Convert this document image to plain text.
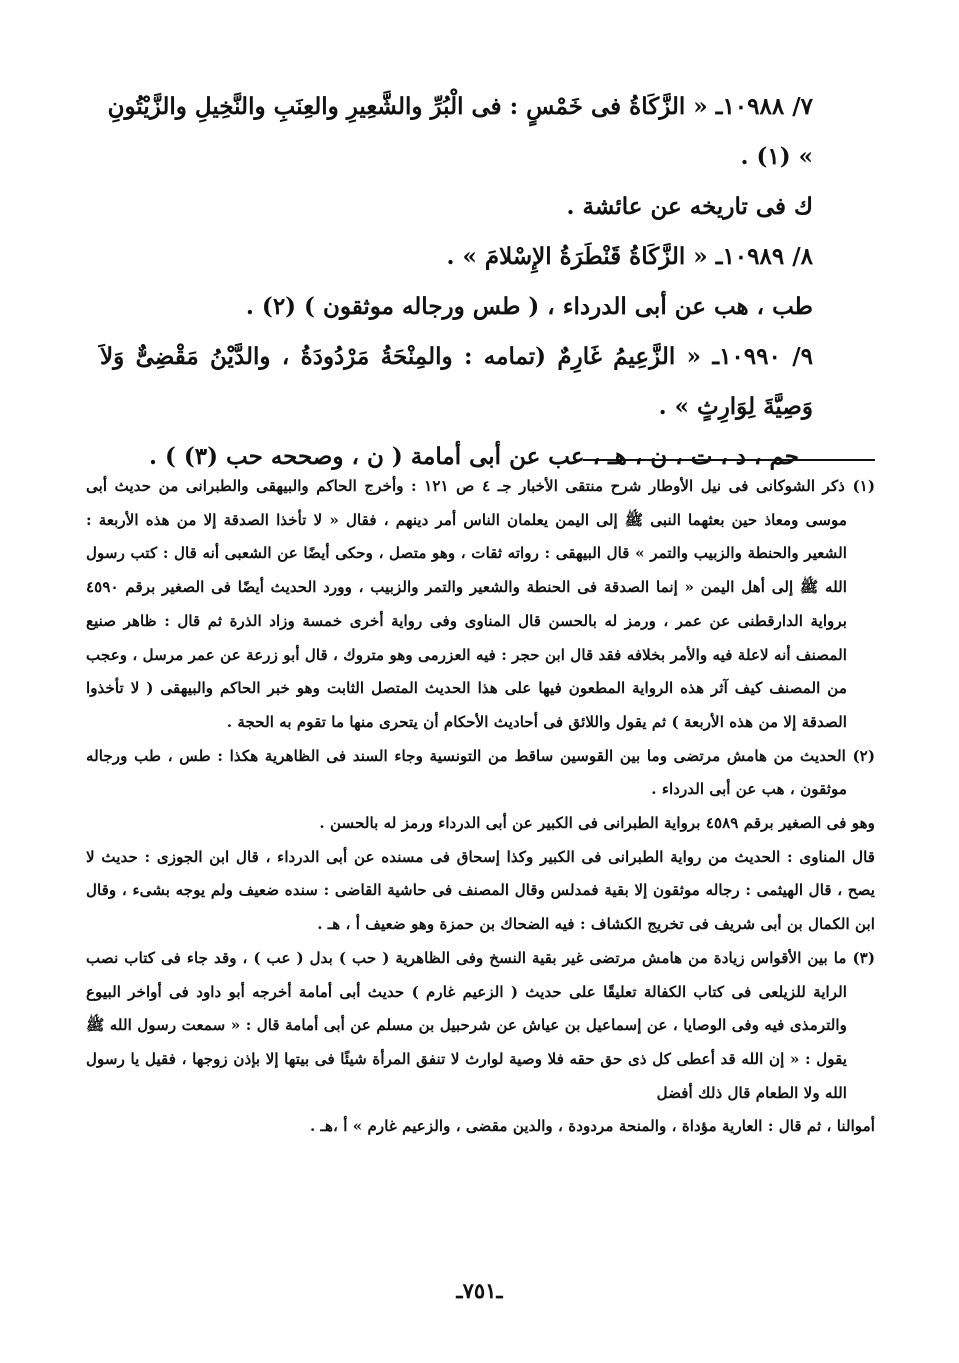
٧/ ١٠٩٨٨ـ « الزَّكَاةُ فى خَمْسٍ : فى الْبُرِّ والشَّعِيرِ والعِنَبِ والنَّخِيلِ والزَّيْتُونِ » (١) .

ك فى تاريخه عن عائشة .

٨/ ١٠٩٨٩ـ « الزَّكَاةُ قَنْطَرَةُ الإِسْلامَ » .

طب ، هب عن أبى الدرداء ، ( طس ورجاله موثقون ) (٢) .

٩/ ١٠٩٩٠ـ « الزَّعِيمُ غَارِمٌ (تمامه : والمِنْحَةُ مَرْدُودَةُ ، والدَّيْنُ مَقْضِىٌّ وَلاَ وَصِيَّةَ لِوَارِثٍ » .

حم ، د ، ت ، ن ، هـ ، عب عن أبى أمامة ( ن ، وصححه حب (٣) ) .

(١) ذكر الشوكانى فى نيل الأوطار شرح منتقى الأخبار جـ ٤ ص ١٢١ : وأخرج الحاكم والبيهقى والطبرانى من حديث أبى موسى ومعاذ حين بعثهما النبى ﷺ إلى اليمن يعلمان الناس أمر دينهم ، فقال « لا تأخذا الصدقة إلا من هذه الأربعة : الشعير والحنطة والزبيب والتمر » قال البيهقى : رواته ثقات ، وهو متصل ، وحكى أيضًا عن الشعبى أنه قال : كتب رسول الله ﷺ إلى أهل اليمن « إنما الصدقة فى الحنطة والشعير والتمر والزبيب ، وورد الحديث أيضًا فى الصغير برقم ٤٥٩٠ برواية الدارقطنى عن عمر ، ورمز له بالحسن قال المناوى وفى رواية أخرى خمسة وزاد الذرة ثم قال : ظاهر صنيع المصنف أنه لاعلة فيه والأمر بخلافه فقد قال ابن حجر : فيه العزرمى وهو متروك ، قال أبو زرعة عن عمر مرسل ، وعجب من المصنف كيف آثر هذه الرواية المطعون فيها على هذا الحديث المتصل الثابت وهو خبر الحاكم والبيهقى ( لا تأخذوا الصدقة إلا من هذه الأربعة ) ثم يقول واللائق فى أحاديث الأحكام أن يتحرى منها ما تقوم به الحجة .

(٢) الحديث من هامش مرتضى وما بين القوسين ساقط من التونسية وجاء السند فى الظاهرية هكذا : طس ، طب ورجاله موثقون ، هب عن أبى الدرداء .

وهو فى الصغير برقم ٤٥٨٩ برواية الطبرانى فى الكبير عن أبى الدرداء ورمز له بالحسن .

قال المناوى : الحديث من رواية الطبرانى فى الكبير وكذا إسحاق فى مسنده عن أبى الدرداء ، قال ابن الجوزى : حديث لا يصح ، قال الهيثمى : رجاله موثقون إلا بقية فمدلس وقال المصنف فى حاشية القاضى : سنده ضعيف ولم يوجه بشىء ، وقال ابن الكمال بن أبى شريف فى تخريج الكشاف : فيه الضحاك بن حمزة وهو ضعيف أ ، هـ .

(٣) ما بين الأقواس زيادة من هامش مرتضى غير بقية النسخ وفى الظاهرية ( حب ) بدل ( عب ) ، وقد جاء فى كتاب نصب الراية للزيلعى فى كتاب الكفالة تعليقًا على حديث ( الزعيم غارم ) حديث أبى أمامة أخرجه أبو داود فى أواخر البيوع والترمذى فيه وفى الوصايا ، عن إسماعيل بن عياش عن شرحبيل بن مسلم عن أبى أمامة قال : « سمعت رسول الله ﷺ يقول : « إن الله قد أعطى كل ذى حق حقه فلا وصية لوارث لا تنفق المرأة شيئًا فى بيتها إلا بإذن زوجها ، فقيل يا رسول الله ولا الطعام قال ذلك أفضل

أموالنا ، ثم قال : العارية مؤداة ، والمنحة مردودة ، والدين مقضى ، والزعيم غارم » أ ،هـ .

ـ٧٥١ـ
